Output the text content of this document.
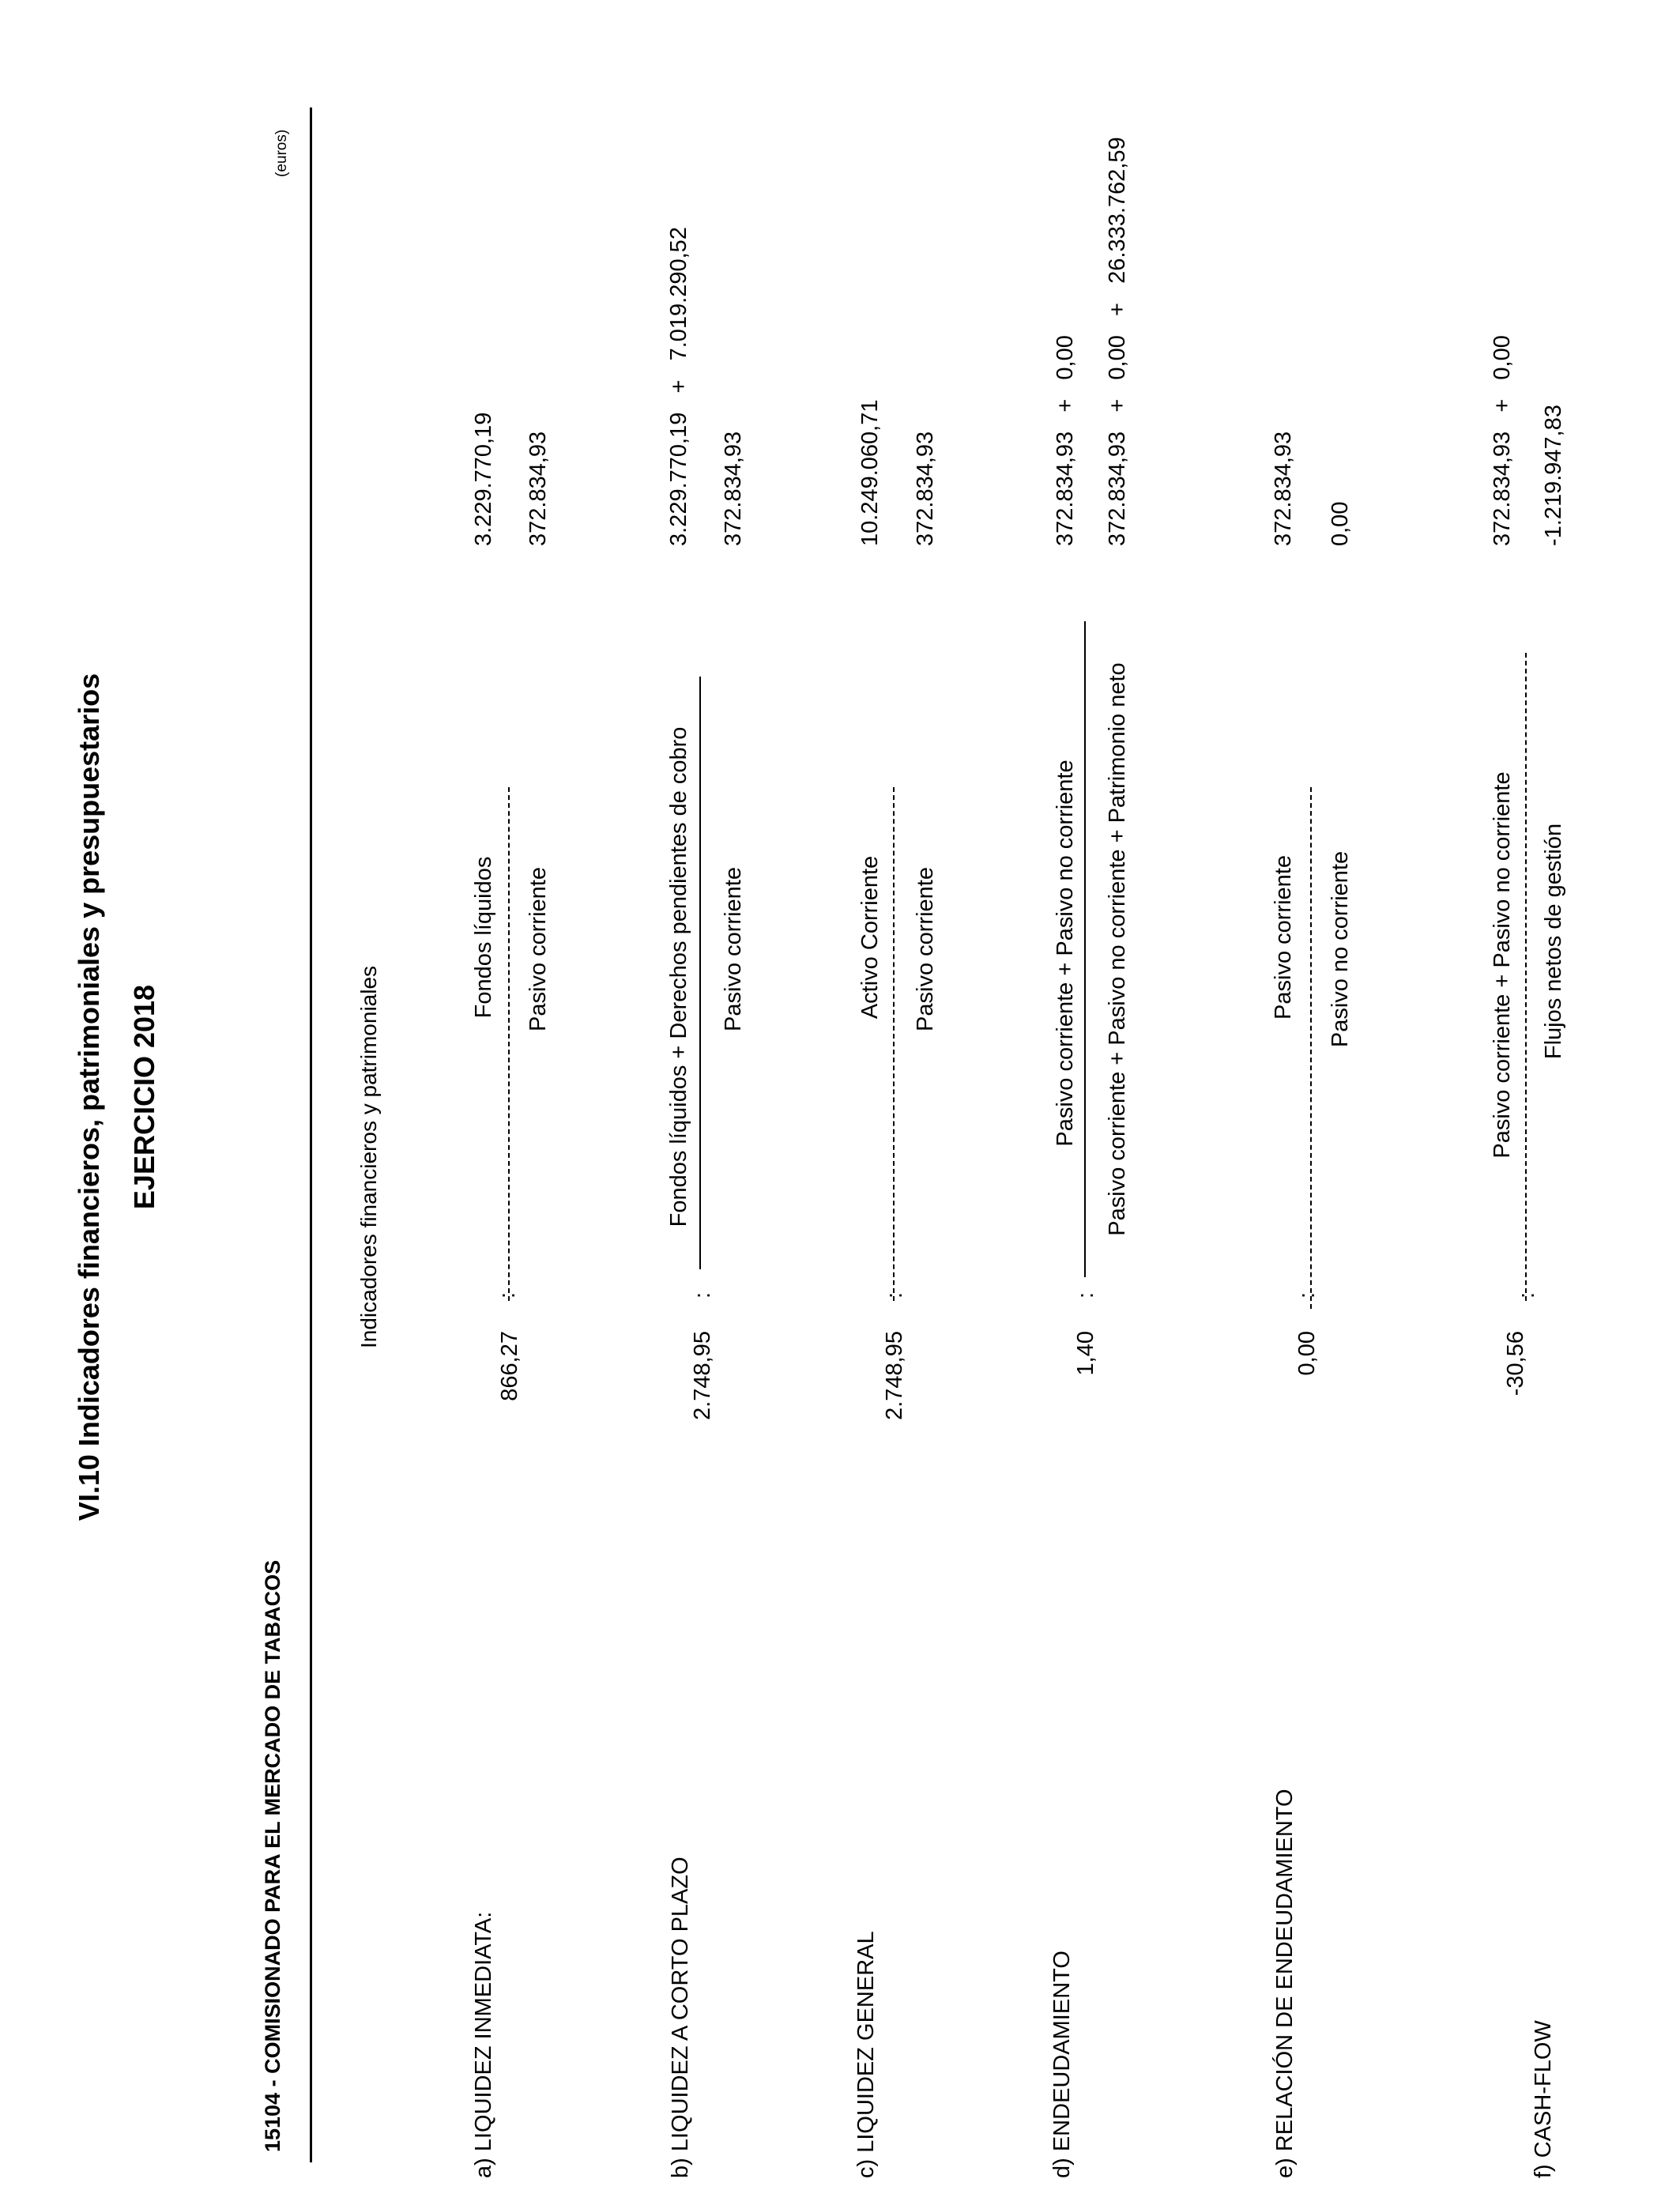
VI.10 Indicadores financieros, patrimoniales y presupuestarios EJERCICIO 2018
15104 - COMISIONADO PARA EL MERCADO DE TABACOS
(euros)
Indicadores financieros y patrimoniales
a) LIQUIDEZ INMEDIATA:
866,27
:
Fondos líquidos Pasivo corriente
3.229.770,19 372.834,93
b) LIQUIDEZ A CORTO PLAZO
2.748,95
:
Fondos líquidos + Derechos pendientes de cobro Pasivo corriente
3.229.770,19   +   7.019.290,52 372.834,93
c) LIQUIDEZ GENERAL
2.748,95
:
Activo Corriente Pasivo corriente
10.249.060,71 372.834,93
d) ENDEUDAMIENTO
1,40
:
Pasivo corriente + Pasivo no corriente Pasivo corriente + Pasivo no corriente + Patrimonio neto
372.834,93   +   0,00 372.834,93   +   0,00   +   26.333.762,59
e) RELACIÓN DE ENDEUDAMIENTO
0,00
:
Pasivo corriente Pasivo no corriente
372.834,93 0,00
f) CASH-FLOW
-30,56
:
Pasivo corriente + Pasivo no corriente Flujos netos de gestión
372.834,93   +   0,00 -1.219.947,83
